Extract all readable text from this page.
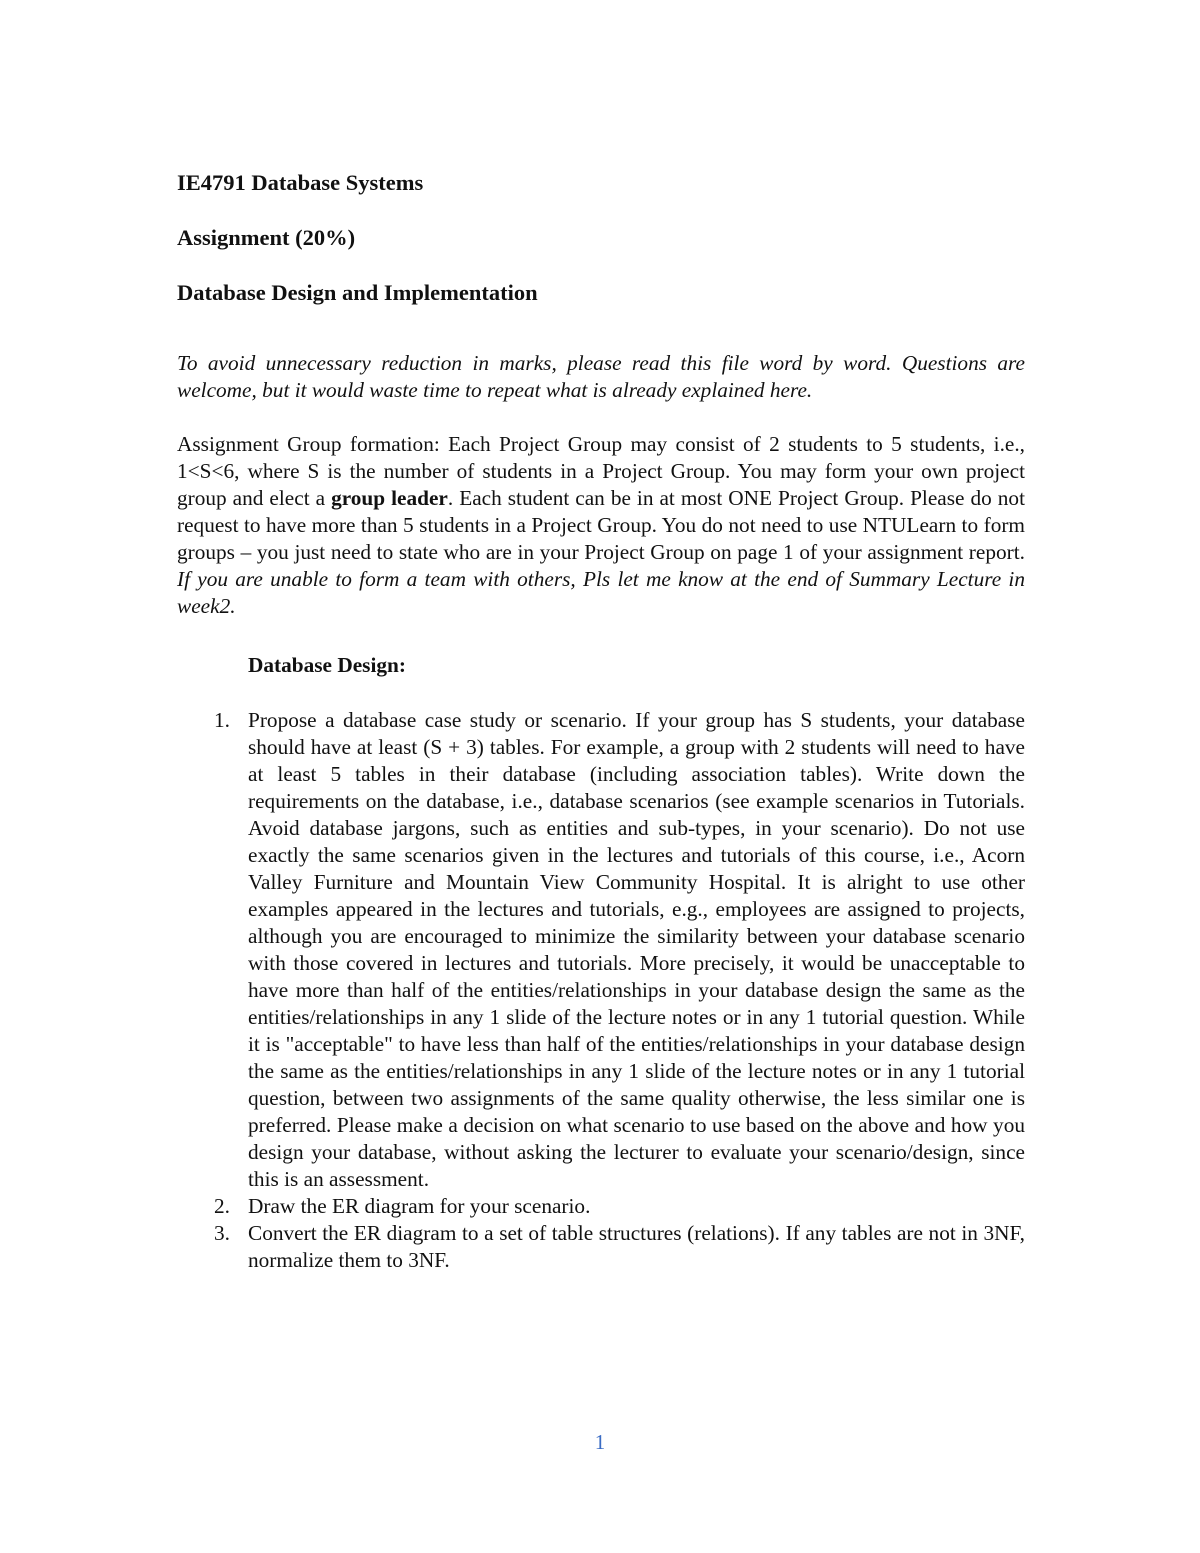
IE4791 Database Systems

Assignment (20%)

Database Design and Implementation

To avoid unnecessary reduction in marks, please read this file word by word. Questions are welcome, but it would waste time to repeat what is already explained here.

Assignment Group formation: Each Project Group may consist of 2 students to 5 students, i.e., 1<S<6, where S is the number of students in a Project Group. You may form your own project group and elect a group leader. Each student can be in at most ONE Project Group. Please do not request to have more than 5 students in a Project Group. You do not need to use NTULearn to form groups – you just need to state who are in your Project Group on page 1 of your assignment report. If you are unable to form a team with others, Pls let me know at the end of Summary Lecture in week2.

Database Design:

1. Propose a database case study or scenario. If your group has S students, your database should have at least (S + 3) tables. For example, a group with 2 students will need to have at least 5 tables in their database (including association tables). Write down the requirements on the database, i.e., database scenarios (see example scenarios in Tutorials. Avoid database jargons, such as entities and sub-types, in your scenario). Do not use exactly the same scenarios given in the lectures and tutorials of this course, i.e., Acorn Valley Furniture and Mountain View Community Hospital. It is alright to use other examples appeared in the lectures and tutorials, e.g., employees are assigned to projects, although you are encouraged to minimize the similarity between your database scenario with those covered in lectures and tutorials. More precisely, it would be unacceptable to have more than half of the entities/relationships in your database design the same as the entities/relationships in any 1 slide of the lecture notes or in any 1 tutorial question. While it is "acceptable" to have less than half of the entities/relationships in your database design the same as the entities/relationships in any 1 slide of the lecture notes or in any 1 tutorial question, between two assignments of the same quality otherwise, the less similar one is preferred. Please make a decision on what scenario to use based on the above and how you design your database, without asking the lecturer to evaluate your scenario/design, since this is an assessment.
2. Draw the ER diagram for your scenario.
3. Convert the ER diagram to a set of table structures (relations). If any tables are not in 3NF, normalize them to 3NF.
1
